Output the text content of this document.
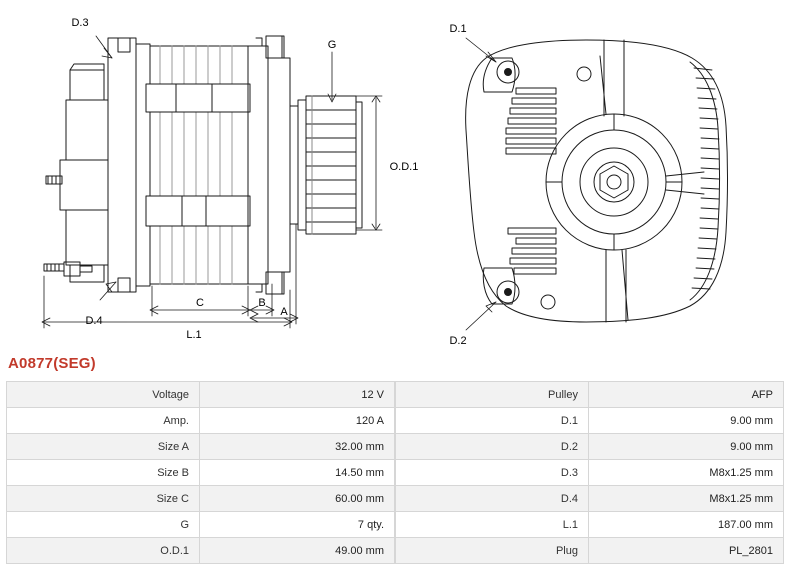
D.3
G
O.D.1
D.4
C	B
A
L.1
D.1
D.2
A0877(SEG)
Voltage	12 V
Amp.	120 A
Size A	32.00 mm
Size B	14.50 mm
Size C	60.00 mm
G	7 qty.
O.D.1	49.00 mm
Pulley	AFP
D.1	9.00 mm
D.2	9.00 mm
D.3	M8x1.25 mm
D.4	M8x1.25 mm
L.1	187.00 mm
Plug	PL_2801
